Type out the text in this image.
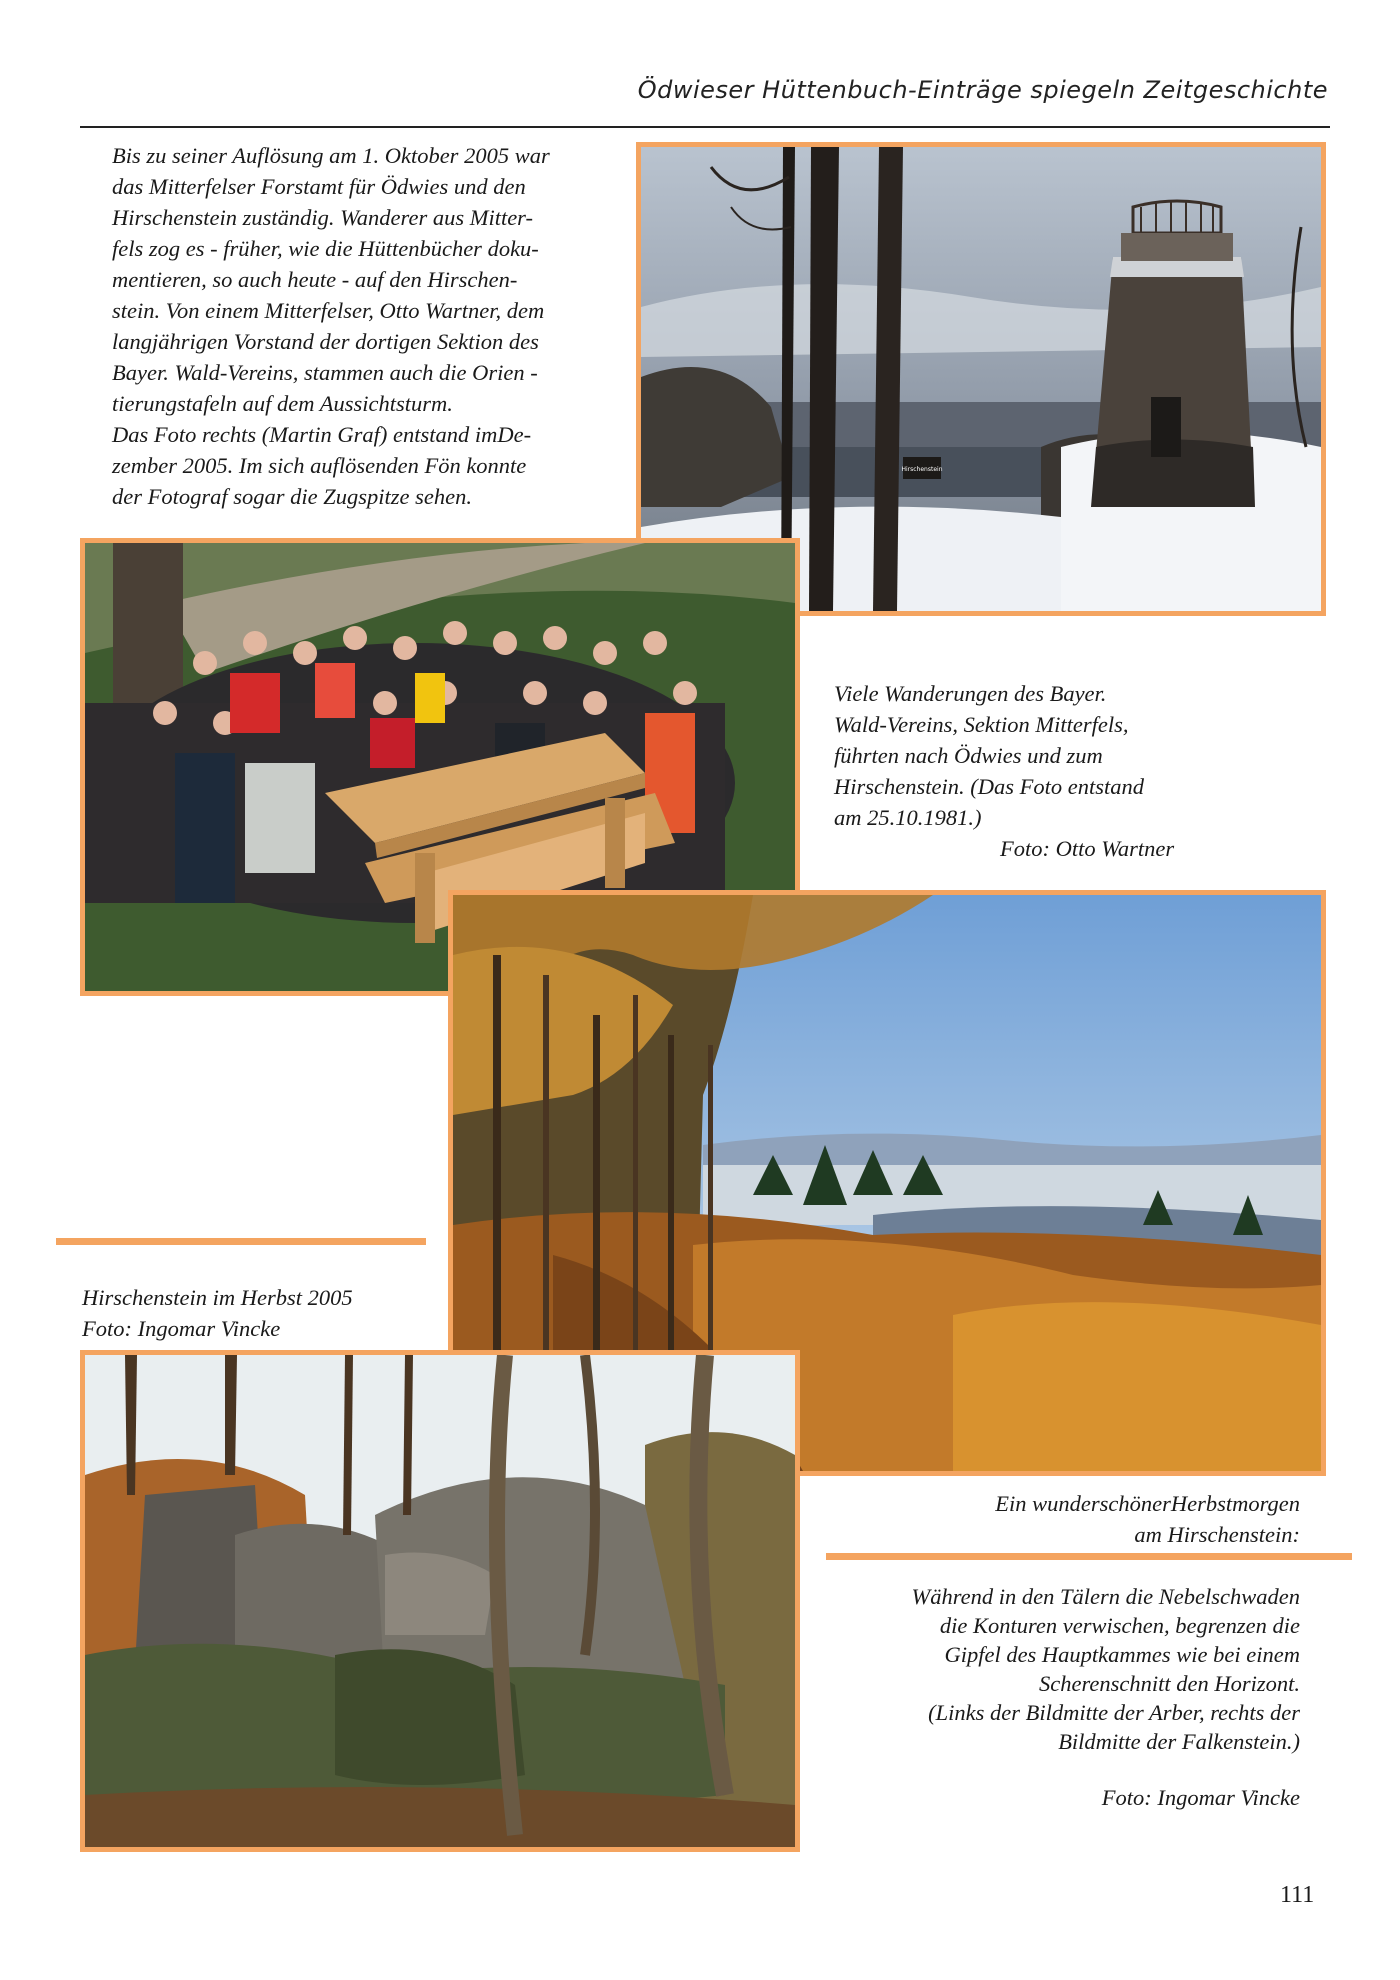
Ödwieser Hüttenbuch-Einträge spiegeln Zeitgeschichte
Bis zu seiner Auflösung am 1. Oktober 2005 war
das Mitterfelser Forstamt für Ödwies und den
Hirschenstein zuständig. Wanderer aus Mitter-
fels zog es - früher, wie die Hüttenbücher doku-
mentieren, so auch heute - auf den Hirschen-
stein. Von einem Mitterfelser, Otto Wartner, dem
langjährigen Vorstand der dortigen Sektion des
Bayer. Wald-Vereins, stammen auch die Orien -
tierungstafeln auf dem Aussichtsturm.
Das Foto rechts (Martin Graf) entstand imDe-
zember 2005. Im sich auflösenden Fön konnte
der Fotograf sogar die Zugspitze sehen.
Hirschenstein
Viele Wanderungen des Bayer.
Wald-Vereins, Sektion Mitterfels,
führten nach Ödwies und zum
Hirschenstein. (Das Foto entstand
am 25.10.1981.)
Foto: Otto Wartner
Hirschenstein im Herbst 2005
Foto: Ingomar Vincke
Ein wunderschönerHerbstmorgen
am Hirschenstein:
Während in den Tälern die Nebelschwaden
die Konturen verwischen, begrenzen die
Gipfel des Hauptkammes wie bei einem
Scherenschnitt den Horizont.
(Links der Bildmitte der Arber, rechts der
Bildmitte der Falkenstein.)
Foto: Ingomar Vincke
111
